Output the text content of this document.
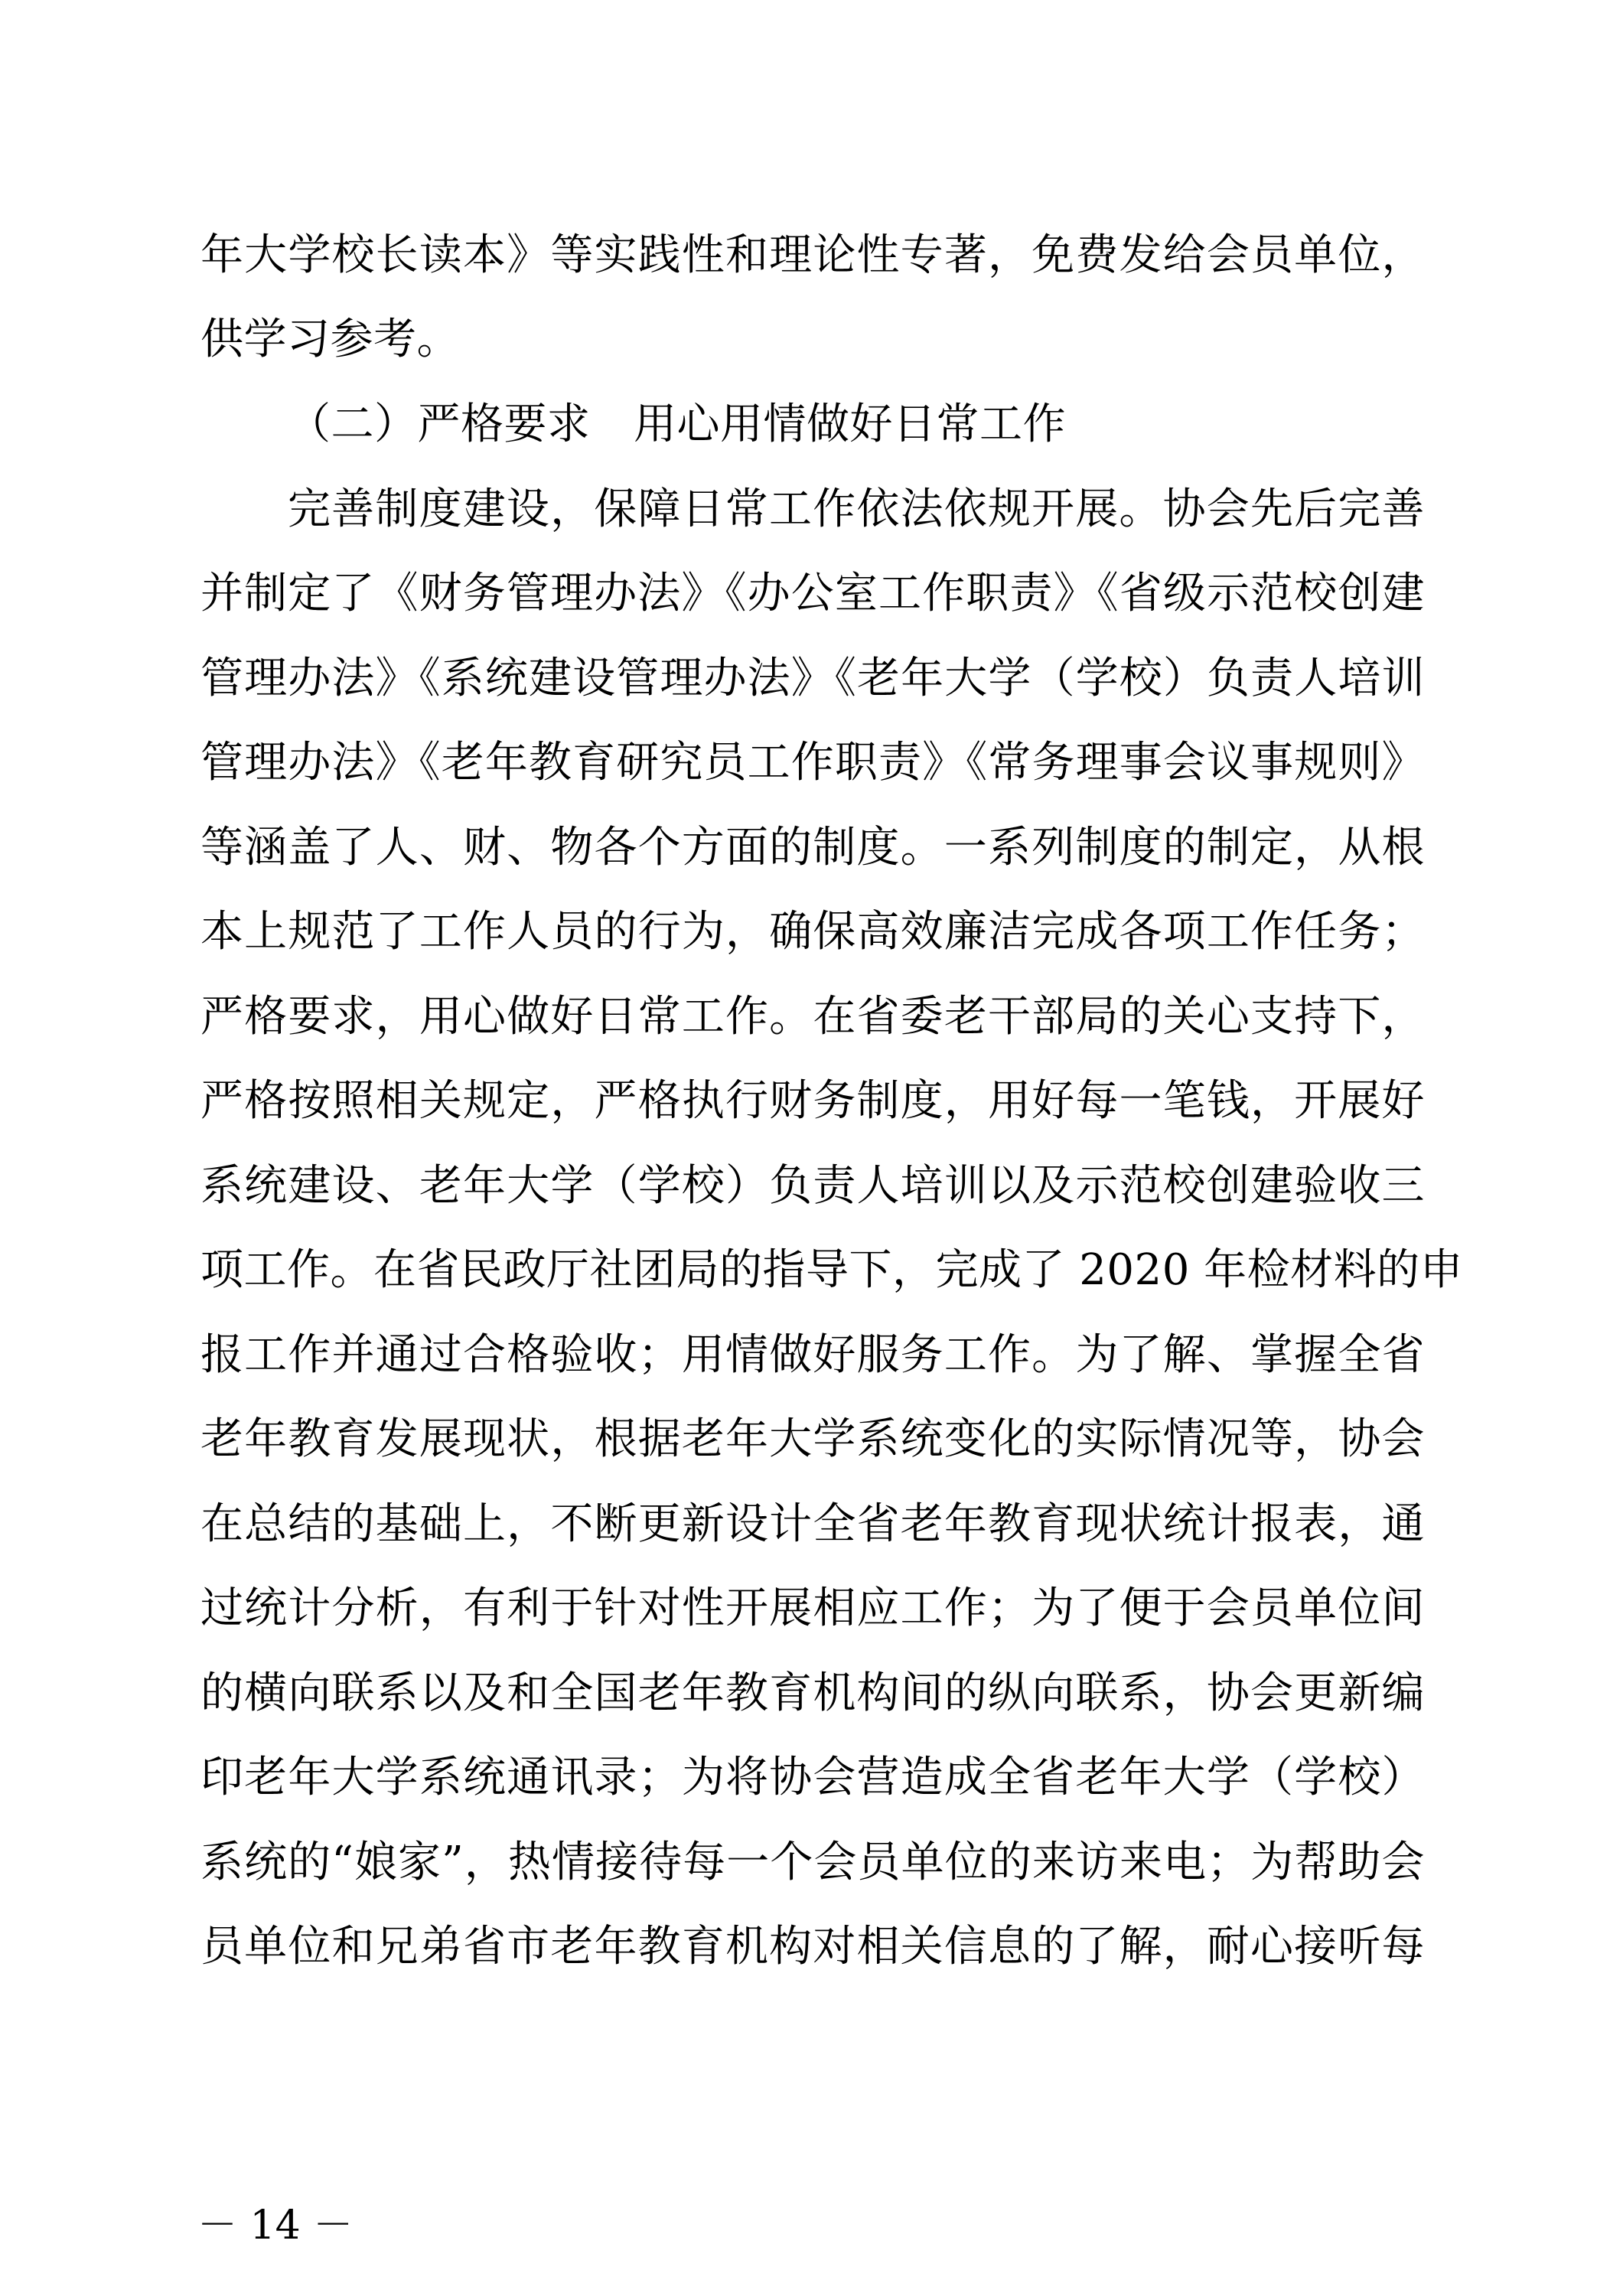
年大学校长读本》等实践性和理论性专著，免费发给会员单位，
供学习参考。
（二）严格要求　用心用情做好日常工作
完善制度建设，保障日常工作依法依规开展。协会先后完善
并制定了《财务管理办法》《办公室工作职责》《省级示范校创建
管理办法》《系统建设管理办法》《老年大学（学校）负责人培训
管理办法》《老年教育研究员工作职责》《常务理事会议事规则》
等涵盖了人、财、物各个方面的制度。一系列制度的制定，从根
本上规范了工作人员的行为，确保高效廉洁完成各项工作任务；
严格要求，用心做好日常工作。在省委老干部局的关心支持下，
严格按照相关规定，严格执行财务制度，用好每一笔钱，开展好
系统建设、老年大学（学校）负责人培训以及示范校创建验收三
项工作。在省民政厅社团局的指导下，完成了 2020 年检材料的申
报工作并通过合格验收；用情做好服务工作。为了解、掌握全省
老年教育发展现状，根据老年大学系统变化的实际情况等，协会
在总结的基础上，不断更新设计全省老年教育现状统计报表，通
过统计分析，有利于针对性开展相应工作；为了便于会员单位间
的横向联系以及和全国老年教育机构间的纵向联系，协会更新编
印老年大学系统通讯录；为将协会营造成全省老年大学（学校）
系统的“娘家”，热情接待每一个会员单位的来访来电；为帮助会
员单位和兄弟省市老年教育机构对相关信息的了解，耐心接听每
－ 14 －
